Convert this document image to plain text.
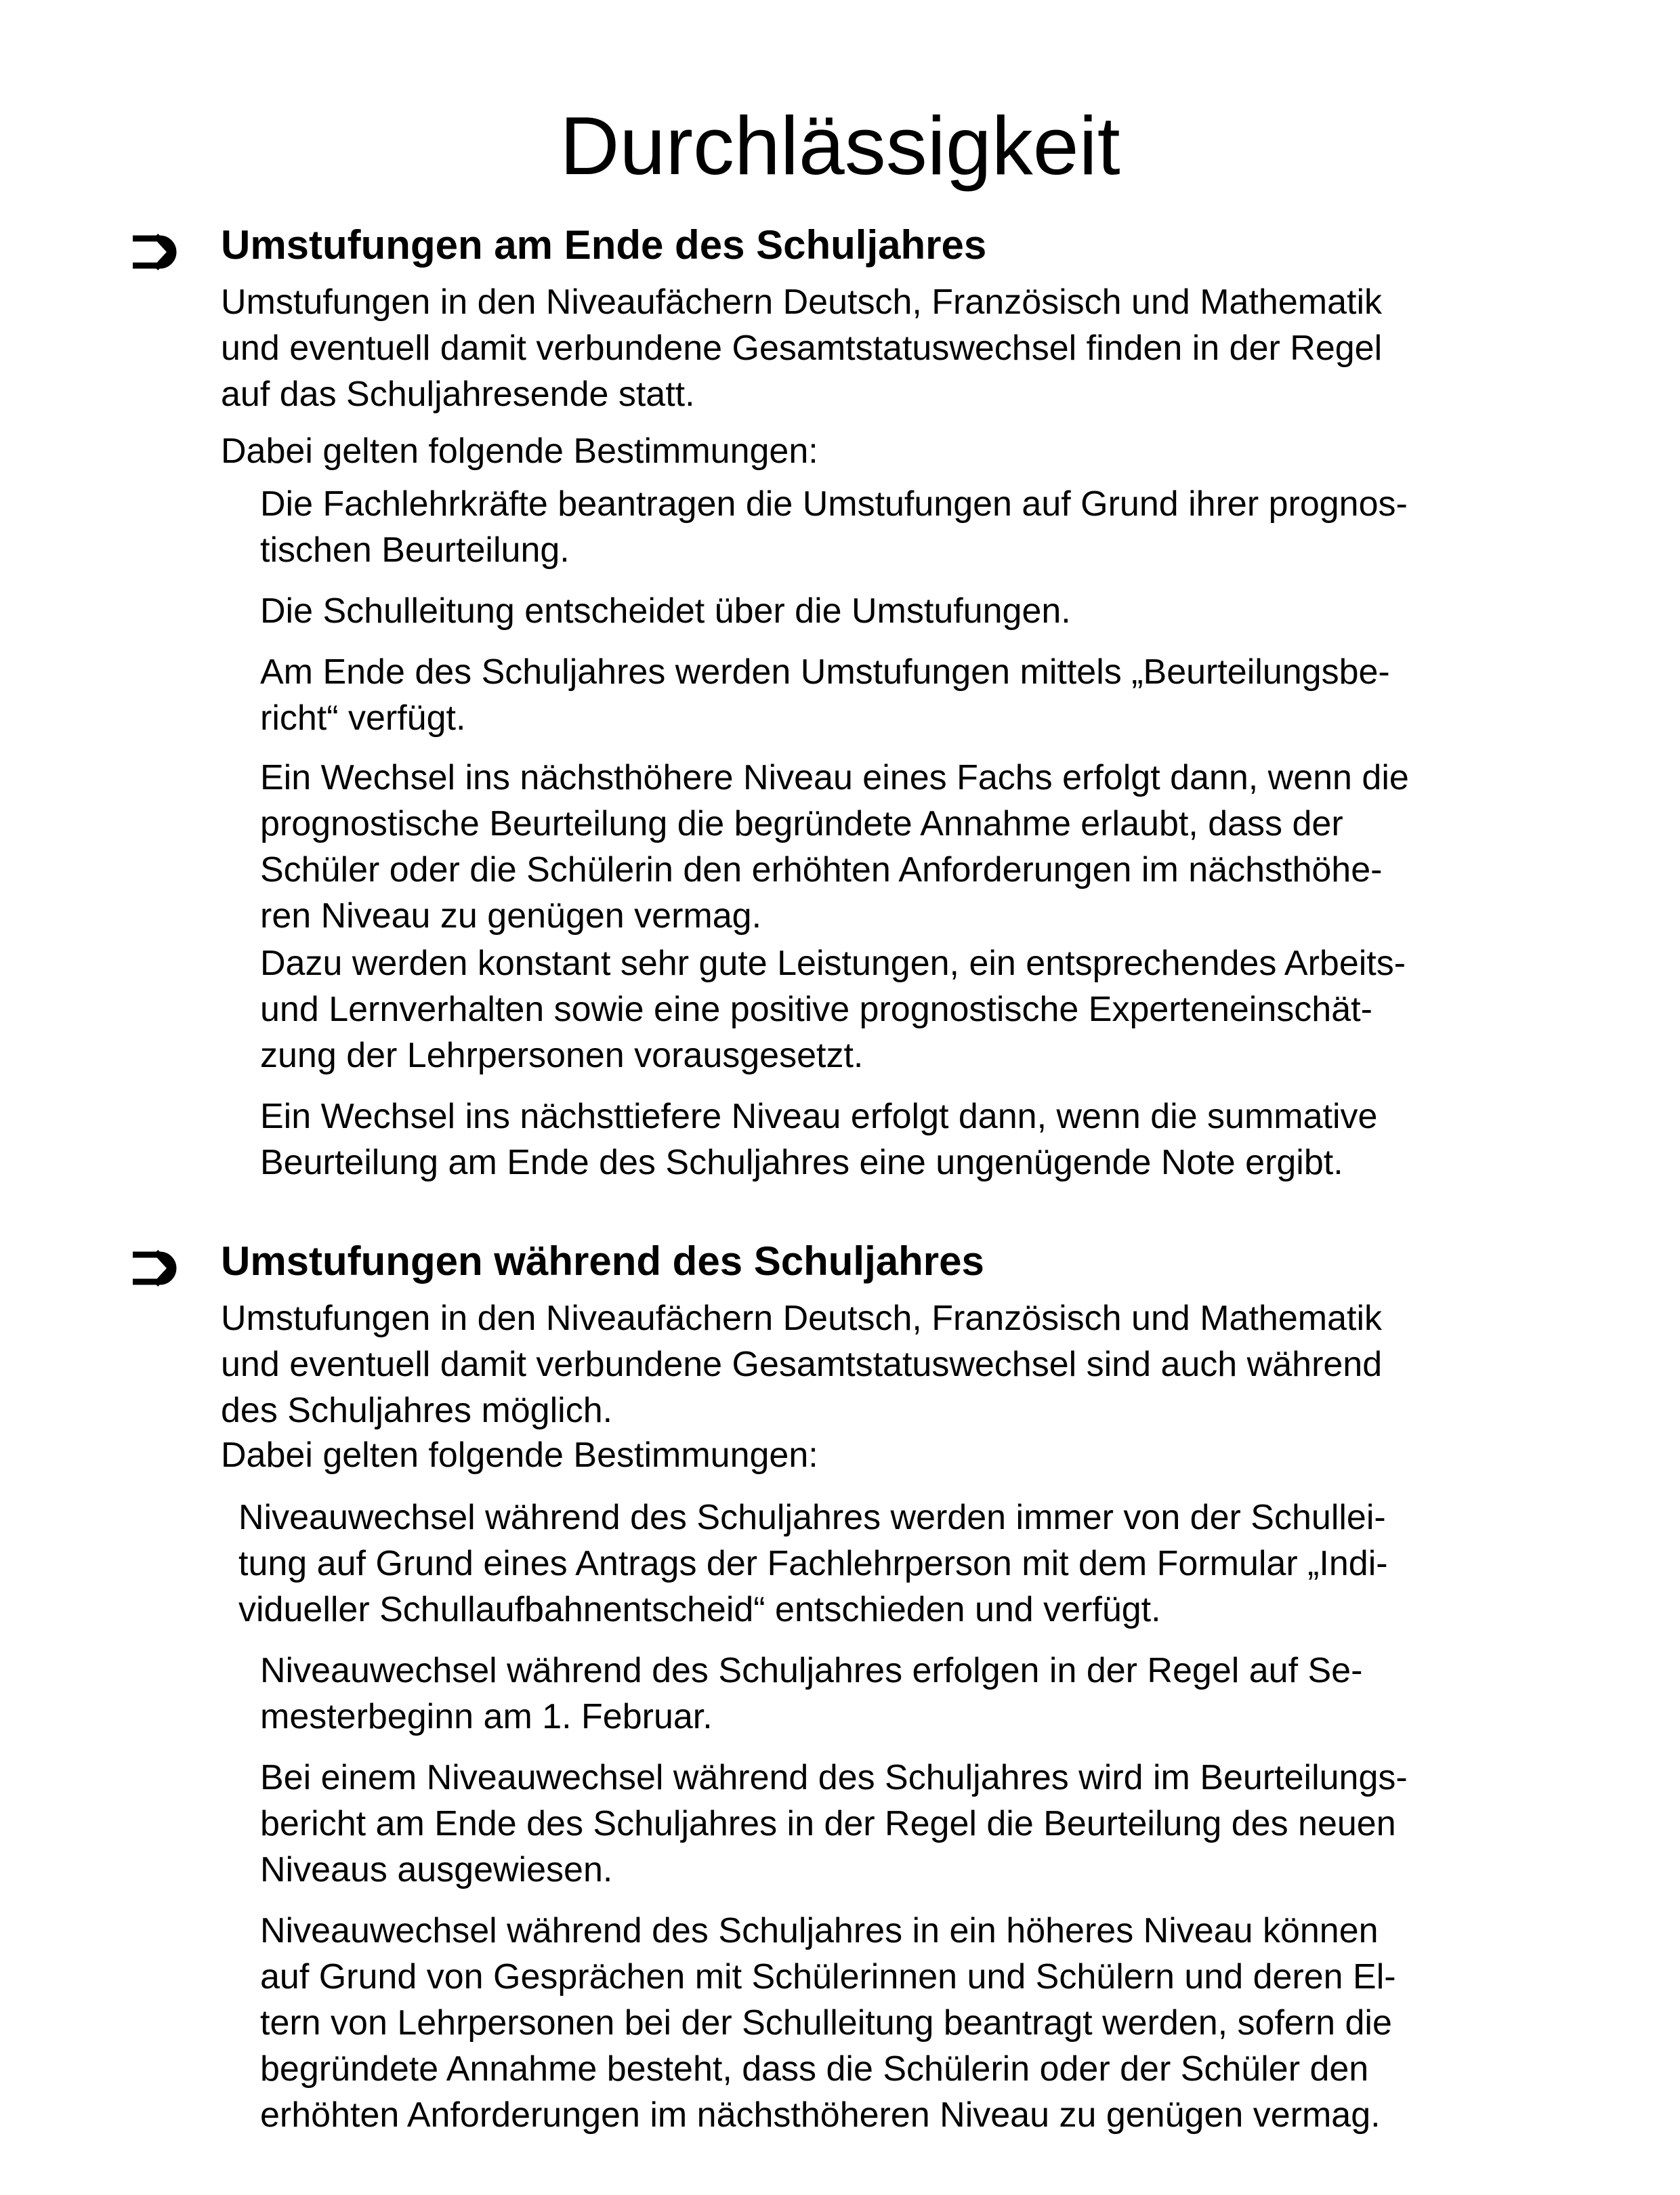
Durchlässigkeit
Umstufungen am Ende des Schuljahres

Umstufungen in den Niveaufächern Deutsch, Französisch und Mathematik

und eventuell damit verbundene Gesamtstatuswechsel finden in der Regel

auf das Schuljahresende statt.

Dabei gelten folgende Bestimmungen:

Die Fachlehrkräfte beantragen die Umstufungen auf Grund ihrer prognos-

tischen Beurteilung.

Die Schulleitung entscheidet über die Umstufungen.

Am Ende des Schuljahres werden Umstufungen mittels „Beurteilungsbe-

richt“ verfügt.

Ein Wechsel ins nächsthöhere Niveau eines Fachs erfolgt dann, wenn die

prognostische Beurteilung die begründete Annahme erlaubt, dass der

Schüler oder die Schülerin den erhöhten Anforderungen im nächsthöhe-

ren Niveau zu genügen vermag.

Dazu werden konstant sehr gute Leistungen, ein entsprechendes Arbeits-

und Lernverhalten sowie eine positive prognostische Experteneinschät-

zung der Lehrpersonen vorausgesetzt.

Ein Wechsel ins nächsttiefere Niveau erfolgt dann, wenn die summative

Beurteilung am Ende des Schuljahres eine ungenügende Note ergibt.

Umstufungen während des Schuljahres

Umstufungen in den Niveaufächern Deutsch, Französisch und Mathematik

und eventuell damit verbundene Gesamtstatuswechsel sind auch während

des Schuljahres möglich.

Dabei gelten folgende Bestimmungen:

Niveauwechsel während des Schuljahres werden immer von der Schullei-

tung auf Grund eines Antrags der Fachlehrperson mit dem Formular „Indi-

vidueller Schullaufbahnentscheid“ entschieden und verfügt.

Niveauwechsel während des Schuljahres erfolgen in der Regel auf Se-

mesterbeginn am 1. Februar.

Bei einem Niveauwechsel während des Schuljahres wird im Beurteilungs-

bericht am Ende des Schuljahres in der Regel die Beurteilung des neuen

Niveaus ausgewiesen.

Niveauwechsel während des Schuljahres in ein höheres Niveau können

auf Grund von Gesprächen mit Schülerinnen und Schülern und deren El-

tern von Lehrpersonen bei der Schulleitung beantragt werden, sofern die

begründete Annahme besteht, dass die Schülerin oder der Schüler den

erhöhten Anforderungen im nächsthöheren Niveau zu genügen vermag.
